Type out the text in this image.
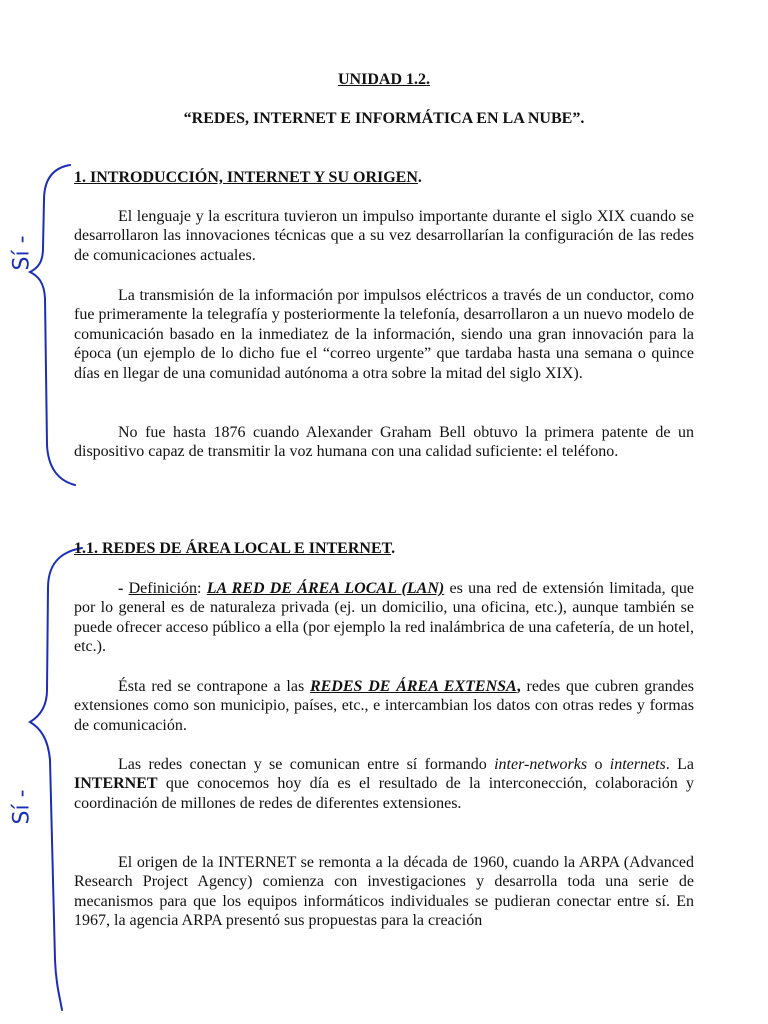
Sí -
Sí -
UNIDAD 1.2.
“REDES, INTERNET E INFORMÁTICA EN LA NUBE”.
1. INTRODUCCIÓN, INTERNET Y SU ORIGEN.

El lenguaje y la escritura tuvieron un impulso importante durante el siglo XIX cuando se desarrollaron las innovaciones técnicas que a su vez desarrollarían la configuración de las redes de comunicaciones actuales.

La transmisión de la información por impulsos eléctricos a través de un conductor, como fue primeramente la telegrafía y posteriormente la telefonía, desarrollaron a un nuevo modelo de comunicación basado en la inmediatez de la información, siendo una gran innovación para la época (un ejemplo de lo dicho fue el “correo urgente” que tardaba hasta una semana o quince días en llegar de una comunidad autónoma a otra sobre la mitad del siglo XIX).

No fue hasta 1876 cuando Alexander Graham Bell obtuvo la primera patente de un dispositivo capaz de transmitir la voz humana con una calidad suficiente: el teléfono.

1.1. REDES DE ÁREA LOCAL E INTERNET.

- Definición: LA RED DE ÁREA LOCAL (LAN) es una red de extensión limitada, que por lo general es de naturaleza privada (ej. un domicilio, una oficina, etc.), aunque también se puede ofrecer acceso público a ella (por ejemplo la red inalámbrica de una cafetería, de un hotel, etc.).

Ésta red se contrapone a las REDES DE ÁREA EXTENSA, redes que cubren grandes extensiones como son municipio, países, etc., e intercambian los datos con otras redes y formas de comunicación.

Las redes conectan y se comunican entre sí formando inter-networks o internets. La INTERNET que conocemos hoy día es el resultado de la interconección, colaboración y coordinación de millones de redes de diferentes extensiones.

El origen de la INTERNET se remonta a la década de 1960, cuando la ARPA (Advanced Research Project Agency) comienza con investigaciones y desarrolla toda una serie de mecanismos para que los equipos informáticos individuales se pudieran conectar entre sí. En 1967, la agencia ARPA presentó sus propuestas para la creación
